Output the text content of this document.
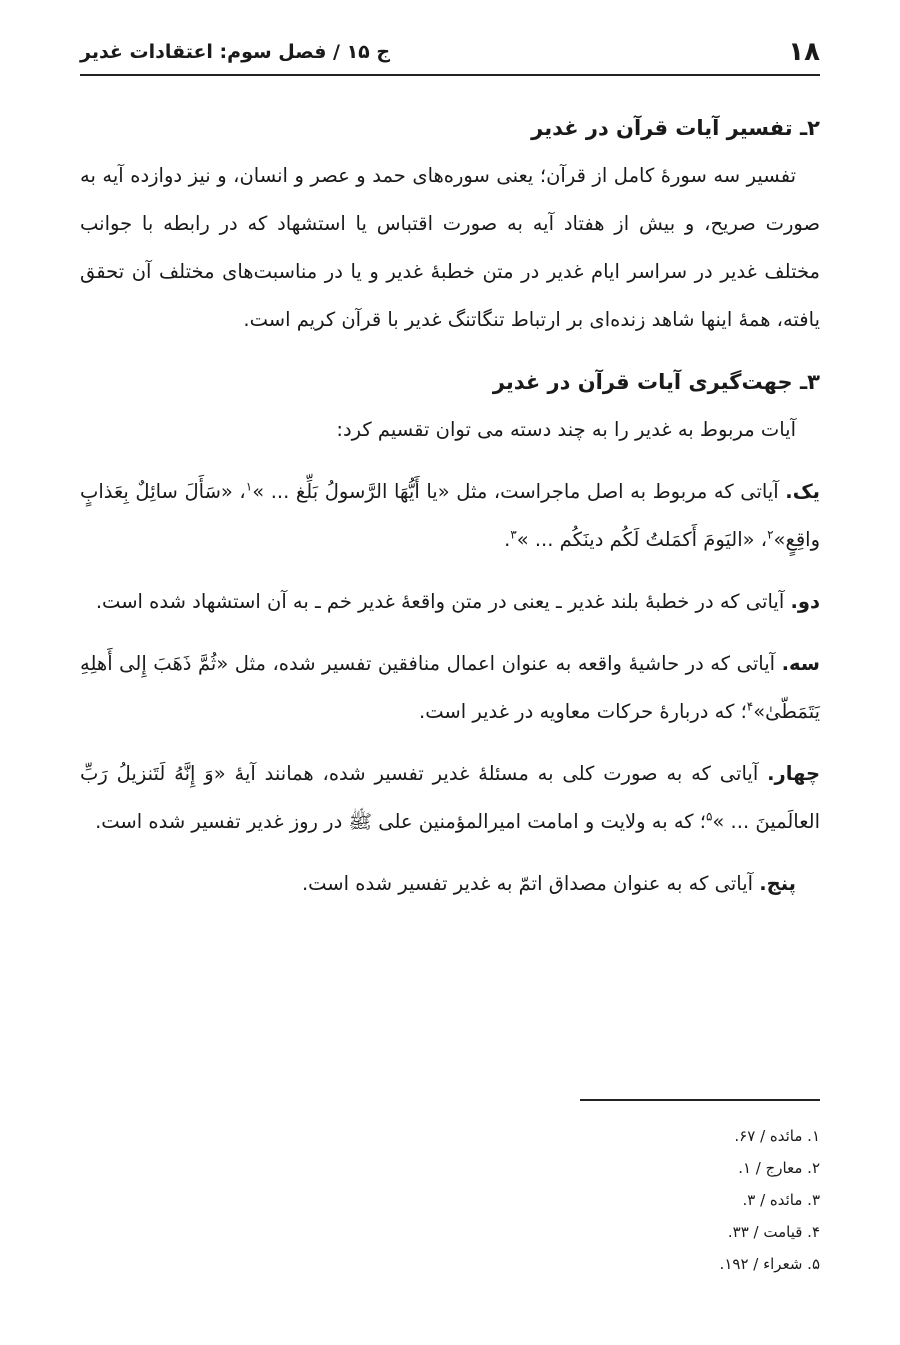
۱۸
ج ۱۵ / فصل سوم: اعتقادات غدیر
۲ـ تفسیر آیات قرآن در غدیر

تفسیر سه سورۀ کامل از قرآن؛ یعنی سوره‌های حمد و عصر و انسان، و نیز دوازده آیه به صورت صریح، و بیش از هفتاد آیه به صورت اقتباس یا استشهاد که در رابطه با جوانب مختلف غدیر در سراسر ایام غدیر در متن خطبۀ غدیر و یا در مناسبت‌های مختلف آن تحقق یافته، همۀ اینها شاهد زنده‌ای بر ارتباط تنگاتنگ غدیر با قرآن کریم است.

۳ـ جهت‌گیری آیات قرآن در غدیر

آیات مربوط به غدیر را به چند دسته می توان تقسیم کرد:

یک. آیاتی که مربوط به اصل ماجراست، مثل «یا أَیُّهَا الرَّسولُ بَلِّغ ... »$^۱$، «سَأَلَ سائِلٌ بِعَذابٍ واقِعٍ»$^۲$، «الیَومَ أَكمَلتُ لَكُم دینَكُم ... »$^۳$.

دو. آیاتی که در خطبۀ بلند غدیر ـ یعنی در متن واقعۀ غدیر خم ـ به آن استشهاد شده است.

سه. آیاتی که در حاشیۀ واقعه به عنوان اعمال منافقین تفسیر شده، مثل «ثُمَّ ذَهَبَ إِلی أَهلِهِ یَتَمَطّیٰ»$^۴$؛ که دربارۀ حرکات معاویه در غدیر است.

چهار. آیاتی که به صورت کلی به مسئلۀ غدیر تفسیر شده، همانند آیۀ «وَ إِنَّهُ لَتَنزیلُ رَبِّ العالَمینَ ... »$^۵$؛ که به ولایت و امامت امیرالمؤمنین علی ﷺ در روز غدیر تفسیر شده است.

پنج. آیاتی که به عنوان مصداق اتمّ به غدیر تفسیر شده است.

۱. مائده / ۶۷.
۲. معارج / ۱.
۳. مائده / ۳.
۴. قیامت / ۳۳.
۵. شعراء / ۱۹۲.
